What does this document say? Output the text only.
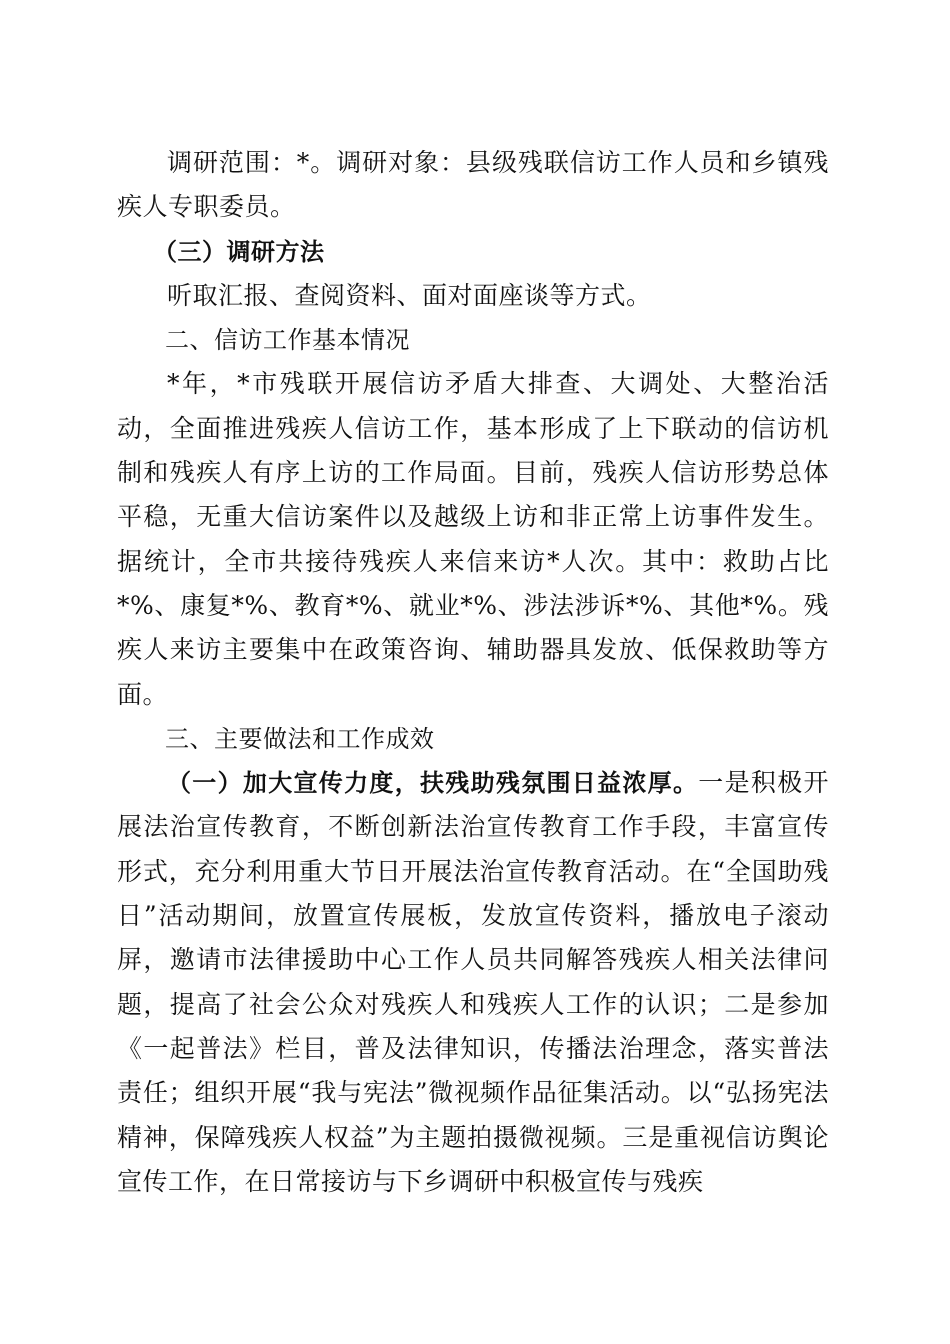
调研范围：*。调研对象：县级残联信访工作人员和乡镇残疾人专职委员。

（三）调研方法

听取汇报、查阅资料、面对面座谈等方式。

二、信访工作基本情况

*年，*市残联开展信访矛盾大排查、大调处、大整治活动，全面推进残疾人信访工作，基本形成了上下联动的信访机制和残疾人有序上访的工作局面。目前，残疾人信访形势总体平稳，无重大信访案件以及越级上访和非正常上访事件发生。据统计，全市共接待残疾人来信来访*人次。其中：救助占比*%、康复*%、教育*%、就业*%、涉法涉诉*%、其他*%。残疾人来访主要集中在政策咨询、辅助器具发放、低保救助等方面。

三、主要做法和工作成效

（一）加大宣传力度，扶残助残氛围日益浓厚。一是积极开展法治宣传教育，不断创新法治宣传教育工作手段，丰富宣传形式，充分利用重大节日开展法治宣传教育活动。在“全国助残日”活动期间，放置宣传展板，发放宣传资料，播放电子滚动屏，邀请市法律援助中心工作人员共同解答残疾人相关法律问题，提高了社会公众对残疾人和残疾人工作的认识；二是参加《一起普法》栏目，普及法律知识，传播法治理念，落实普法责任；组织开展“我与宪法”微视频作品征集活动。以“弘扬宪法精神，保障残疾人权益”为主题拍摄微视频。三是重视信访舆论宣传工作，在日常接访与下乡调研中积极宣传与残疾
